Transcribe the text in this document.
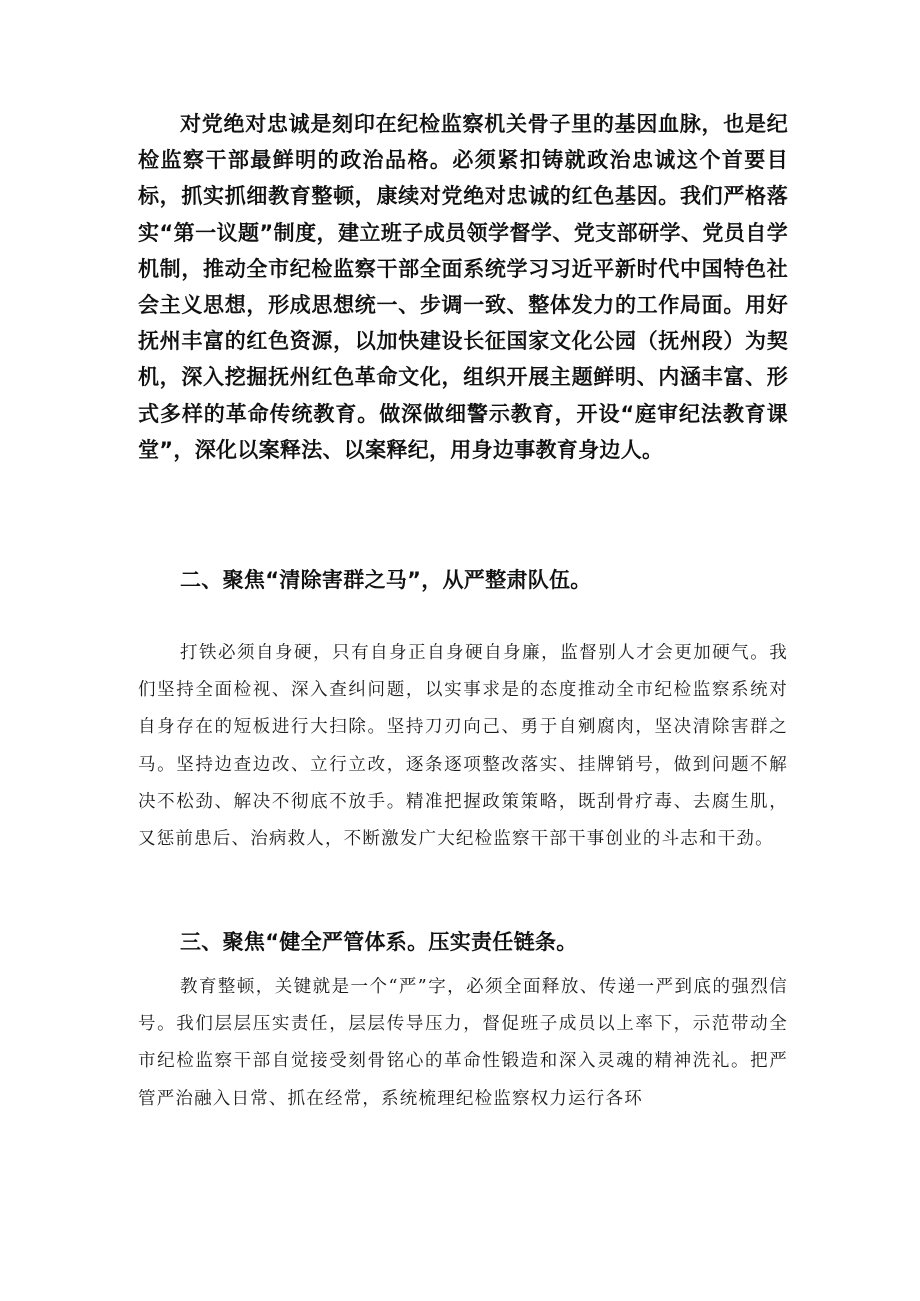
对党绝对忠诚是刻印在纪检监察机关骨子里的基因血脉，也是纪检监察干部最鲜明的政治品格。必须紧扣铸就政治忠诚这个首要目标，抓实抓细教育整顿，康续对党绝对忠诚的红色基因。我们严格落实“第一议题”制度，建立班子成员领学督学、党支部研学、党员自学机制，推动全市纪检监察干部全面系统学习习近平新时代中国特色社会主义思想，形成思想统一、步调一致、整体发力的工作局面。用好抚州丰富的红色资源，以加快建设长征国家文化公园（抚州段）为契机，深入挖掘抚州红色革命文化，组织开展主题鲜明、内涵丰富、形式多样的革命传统教育。做深做细警示教育，开设“庭审纪法教育课堂”，深化以案释法、以案释纪，用身边事教育身边人。

二、聚焦“清除害群之马”，从严整肃队伍。

打铁必须自身硬，只有自身正自身硬自身廉，监督别人才会更加硬气。我们坚持全面检视、深入查纠问题，以实事求是的态度推动全市纪检监察系统对自身存在的短板进行大扫除。坚持刀刃向己、勇于自剜腐肉，坚决清除害群之马。坚持边查边改、立行立改，逐条逐项整改落实、挂牌销号，做到问题不解决不松劲、解决不彻底不放手。精准把握政策策略，既刮骨疗毒、去腐生肌，又惩前患后、治病救人，不断激发广大纪检监察干部干事创业的斗志和干劲。

三、聚焦“健全严管体系。压实责任链条。

教育整顿，关键就是一个“严”字，必须全面释放、传递一严到底的强烈信号。我们层层压实责任，层层传导压力，督促班子成员以上率下，示范带动全市纪检监察干部自觉接受刻骨铭心的革命性锻造和深入灵魂的精神洗礼。把严管严治融入日常、抓在经常，系统梳理纪检监察权力运行各环
